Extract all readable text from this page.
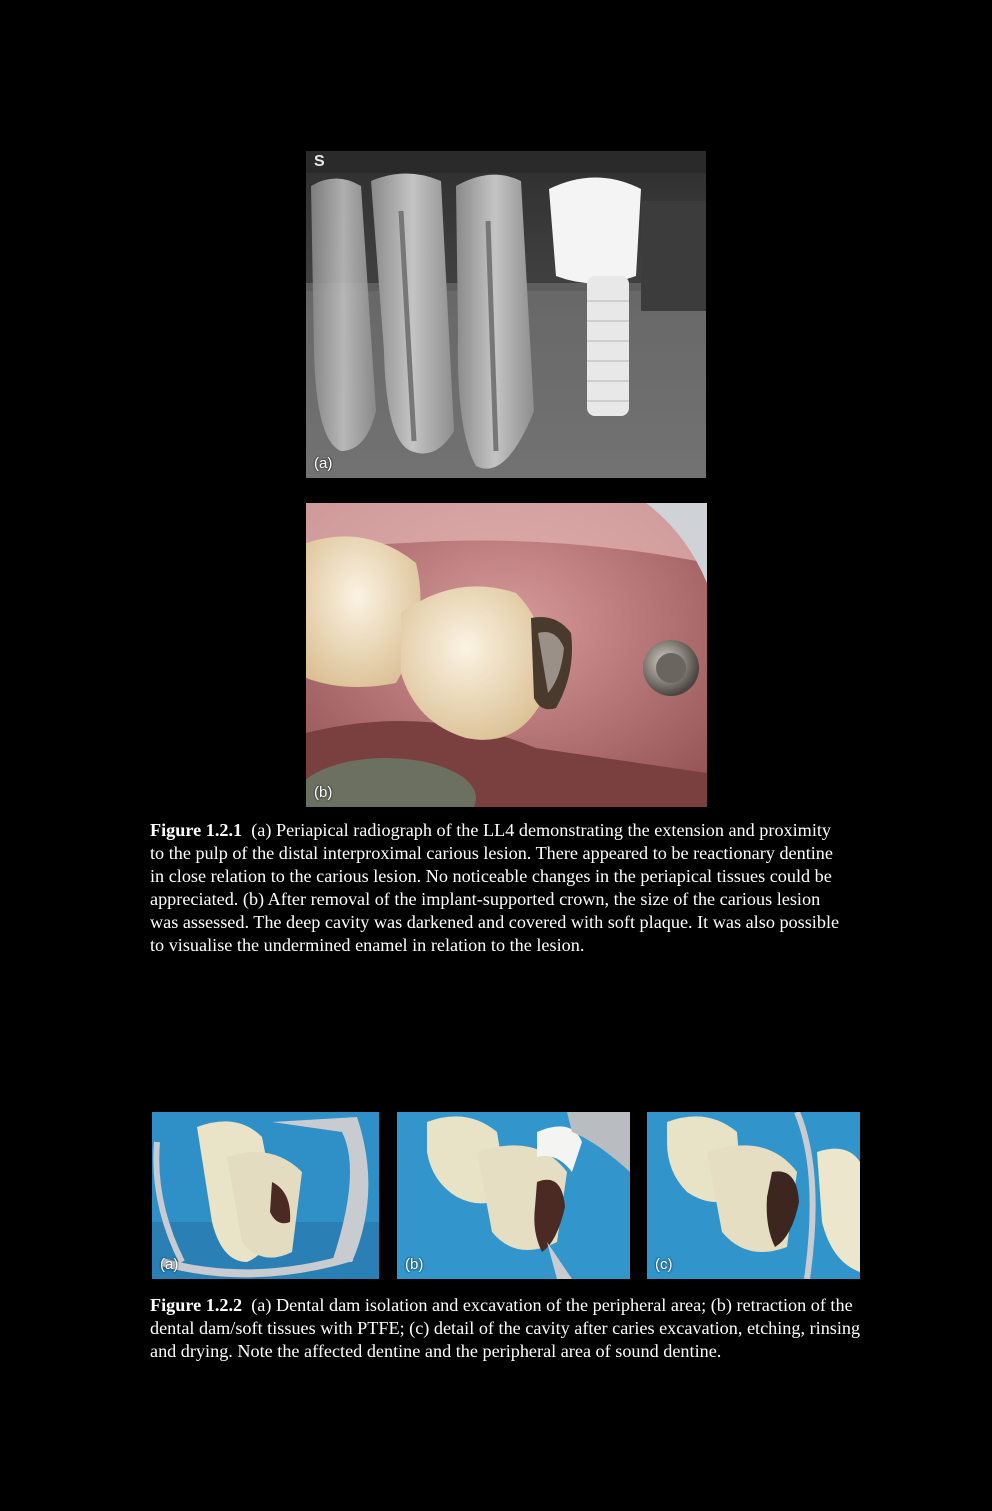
S
(a)
(b)
Figure 1.2.1 (a) Periapical radiograph of the LL4 demonstrating the extension and proximity to the pulp of the distal interproximal carious lesion. There appeared to be reactionary dentine in close relation to the carious lesion. No noticeable changes in the periapical tissues could be appreciated. (b) After removal of the implant-supported crown, the size of the carious lesion was assessed. The deep cavity was darkened and covered with soft plaque. It was also possible to visualise the undermined enamel in relation to the lesion.
(a)	(b)	(c)
Figure 1.2.2 (a) Dental dam isolation and excavation of the peripheral area; (b) retraction of the dental dam/soft tissues with PTFE; (c) detail of the cavity after caries excavation, etching, rinsing and drying. Note the affected dentine and the peripheral area of sound dentine.
